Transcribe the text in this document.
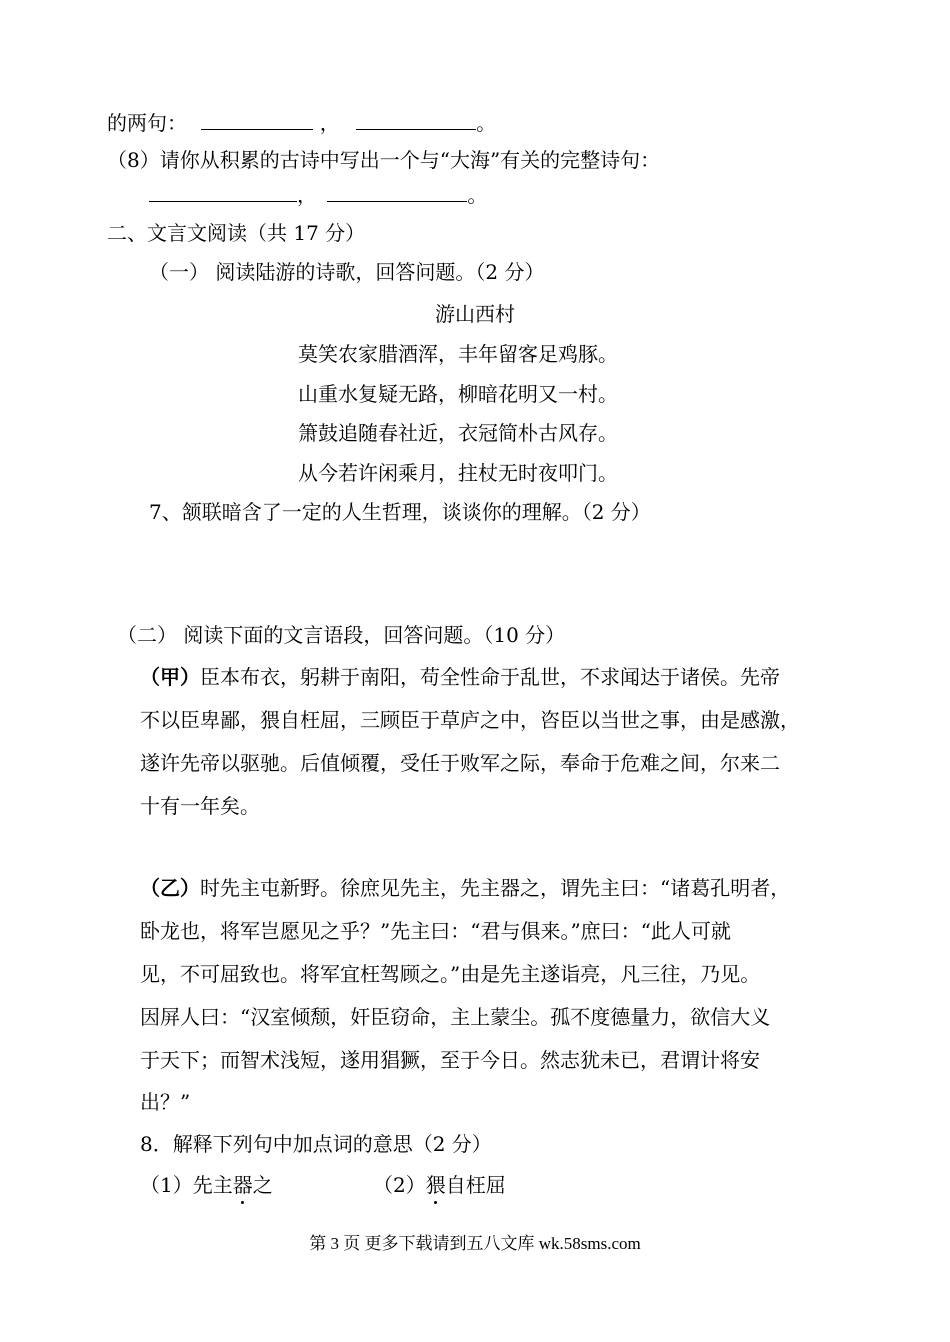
的两句：	，	。
（8）请你从积累的古诗中写出一个与“大海”有关的完整诗句：
，	。
二、文言文阅读（共 17 分）
（一） 阅读陆游的诗歌，回答问题。（2 分）
游山西村
莫笑农家腊酒浑，丰年留客足鸡豚。
山重水复疑无路，柳暗花明又一村。
箫鼓追随春社近，衣冠简朴古风存。
从今若许闲乘月，拄杖无时夜叩门。
7、颔联暗含了一定的人生哲理，谈谈你的理解。（2 分）
（二） 阅读下面的文言语段，回答问题。（10 分）
（甲）臣本布衣，躬耕于南阳，苟全性命于乱世，不求闻达于诸侯。先帝
不以臣卑鄙，猥自枉屈，三顾臣于草庐之中，咨臣以当世之事，由是感激，
遂许先帝以驱驰。后值倾覆，受任于败军之际，奉命于危难之间，尔来二
十有一年矣。
（乙）时先主屯新野。徐庶见先主，先主器之，谓先主曰：“诸葛孔明者，
卧龙也，将军岂愿见之乎？”先主曰：“君与俱来。”庶曰：“此人可就
见，不可屈致也。将军宜枉驾顾之。”由是先主遂诣亮，凡三往，乃见。
因屏人曰：“汉室倾颓，奸臣窃命，主上蒙尘。孤不度德量力，欲信大义
于天下；而智术浅短，遂用猖獗，至于今日。然志犹未已，君谓计将安
出？”
8．解释下列句中加点词的意思（2 分）
（1）先主器之	（2）猥自枉屈
第 3 页 更多下载请到五八文库 wk.58sms.com
